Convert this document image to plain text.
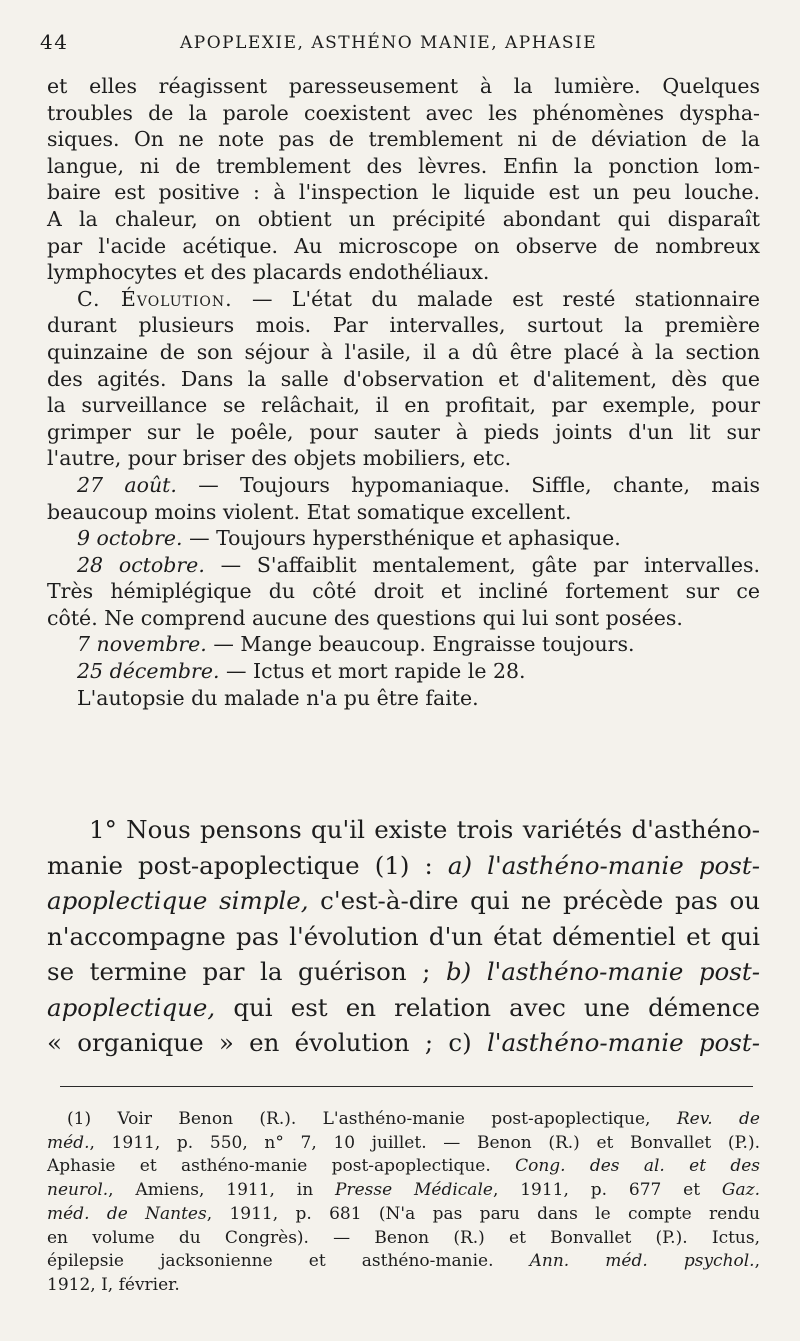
44	APOPLEXIE, ASTHÉNO MANIE, APHASIE
et elles réagissent paresseusement à la lumière. Quelques
troubles de la parole coexistent avec les phénomènes dyspha-
siques. On ne note pas de tremblement ni de déviation de la
langue, ni de tremblement des lèvres. Enfin la ponction lom-
baire est positive : à l'inspection le liquide est un peu louche.
A la chaleur, on obtient un précipité abondant qui disparaît
par l'acide acétique. Au microscope on observe de nombreux
lymphocytes et des placards endothéliaux.
C. Évolution. — L'état du malade est resté stationnaire
durant plusieurs mois. Par intervalles, surtout la première
quinzaine de son séjour à l'asile, il a dû être placé à la section
des agités. Dans la salle d'observation et d'alitement, dès que
la surveillance se relâchait, il en profitait, par exemple, pour
grimper sur le poêle, pour sauter à pieds joints d'un lit sur
l'autre, pour briser des objets mobiliers, etc.
27 août. — Toujours hypomaniaque. Siffle, chante, mais
beaucoup moins violent. Etat somatique excellent.
9 octobre. — Toujours hypersthénique et aphasique.
28 octobre. — S'affaiblit mentalement, gâte par intervalles.
Très hémiplégique du côté droit et incliné fortement sur ce
côté. Ne comprend aucune des questions qui lui sont posées.
7 novembre. — Mange beaucoup. Engraisse toujours.
25 décembre. — Ictus et mort rapide le 28.
L'autopsie du malade n'a pu être faite.
1° Nous pensons qu'il existe trois variétés d'asthéno-
manie post-apoplectique (1) : a) l'asthéno-manie post-
apoplectique simple, c'est-à-dire qui ne précède pas ou
n'accompagne pas l'évolution d'un état démentiel et qui
se termine par la guérison ; b) l'asthéno-manie post-
apoplectique, qui est en relation avec une démence
« organique » en évolution ; c) l'asthéno-manie post-
(1) Voir Benon (R.). L'asthéno-manie post-apoplectique, Rev. de
méd., 1911, p. 550, n° 7, 10 juillet. — Benon (R.) et Bonvallet (P.).
Aphasie et asthéno-manie post-apoplectique. Cong. des al. et des
neurol., Amiens, 1911, in Presse Médicale, 1911, p. 677 et Gaz.
méd. de Nantes, 1911, p. 681 (N'a pas paru dans le compte rendu
en volume du Congrès). — Benon (R.) et Bonvallet (P.). Ictus,
épilepsie jacksonienne et asthéno-manie. Ann. méd. psychol.,
1912, I, février.
